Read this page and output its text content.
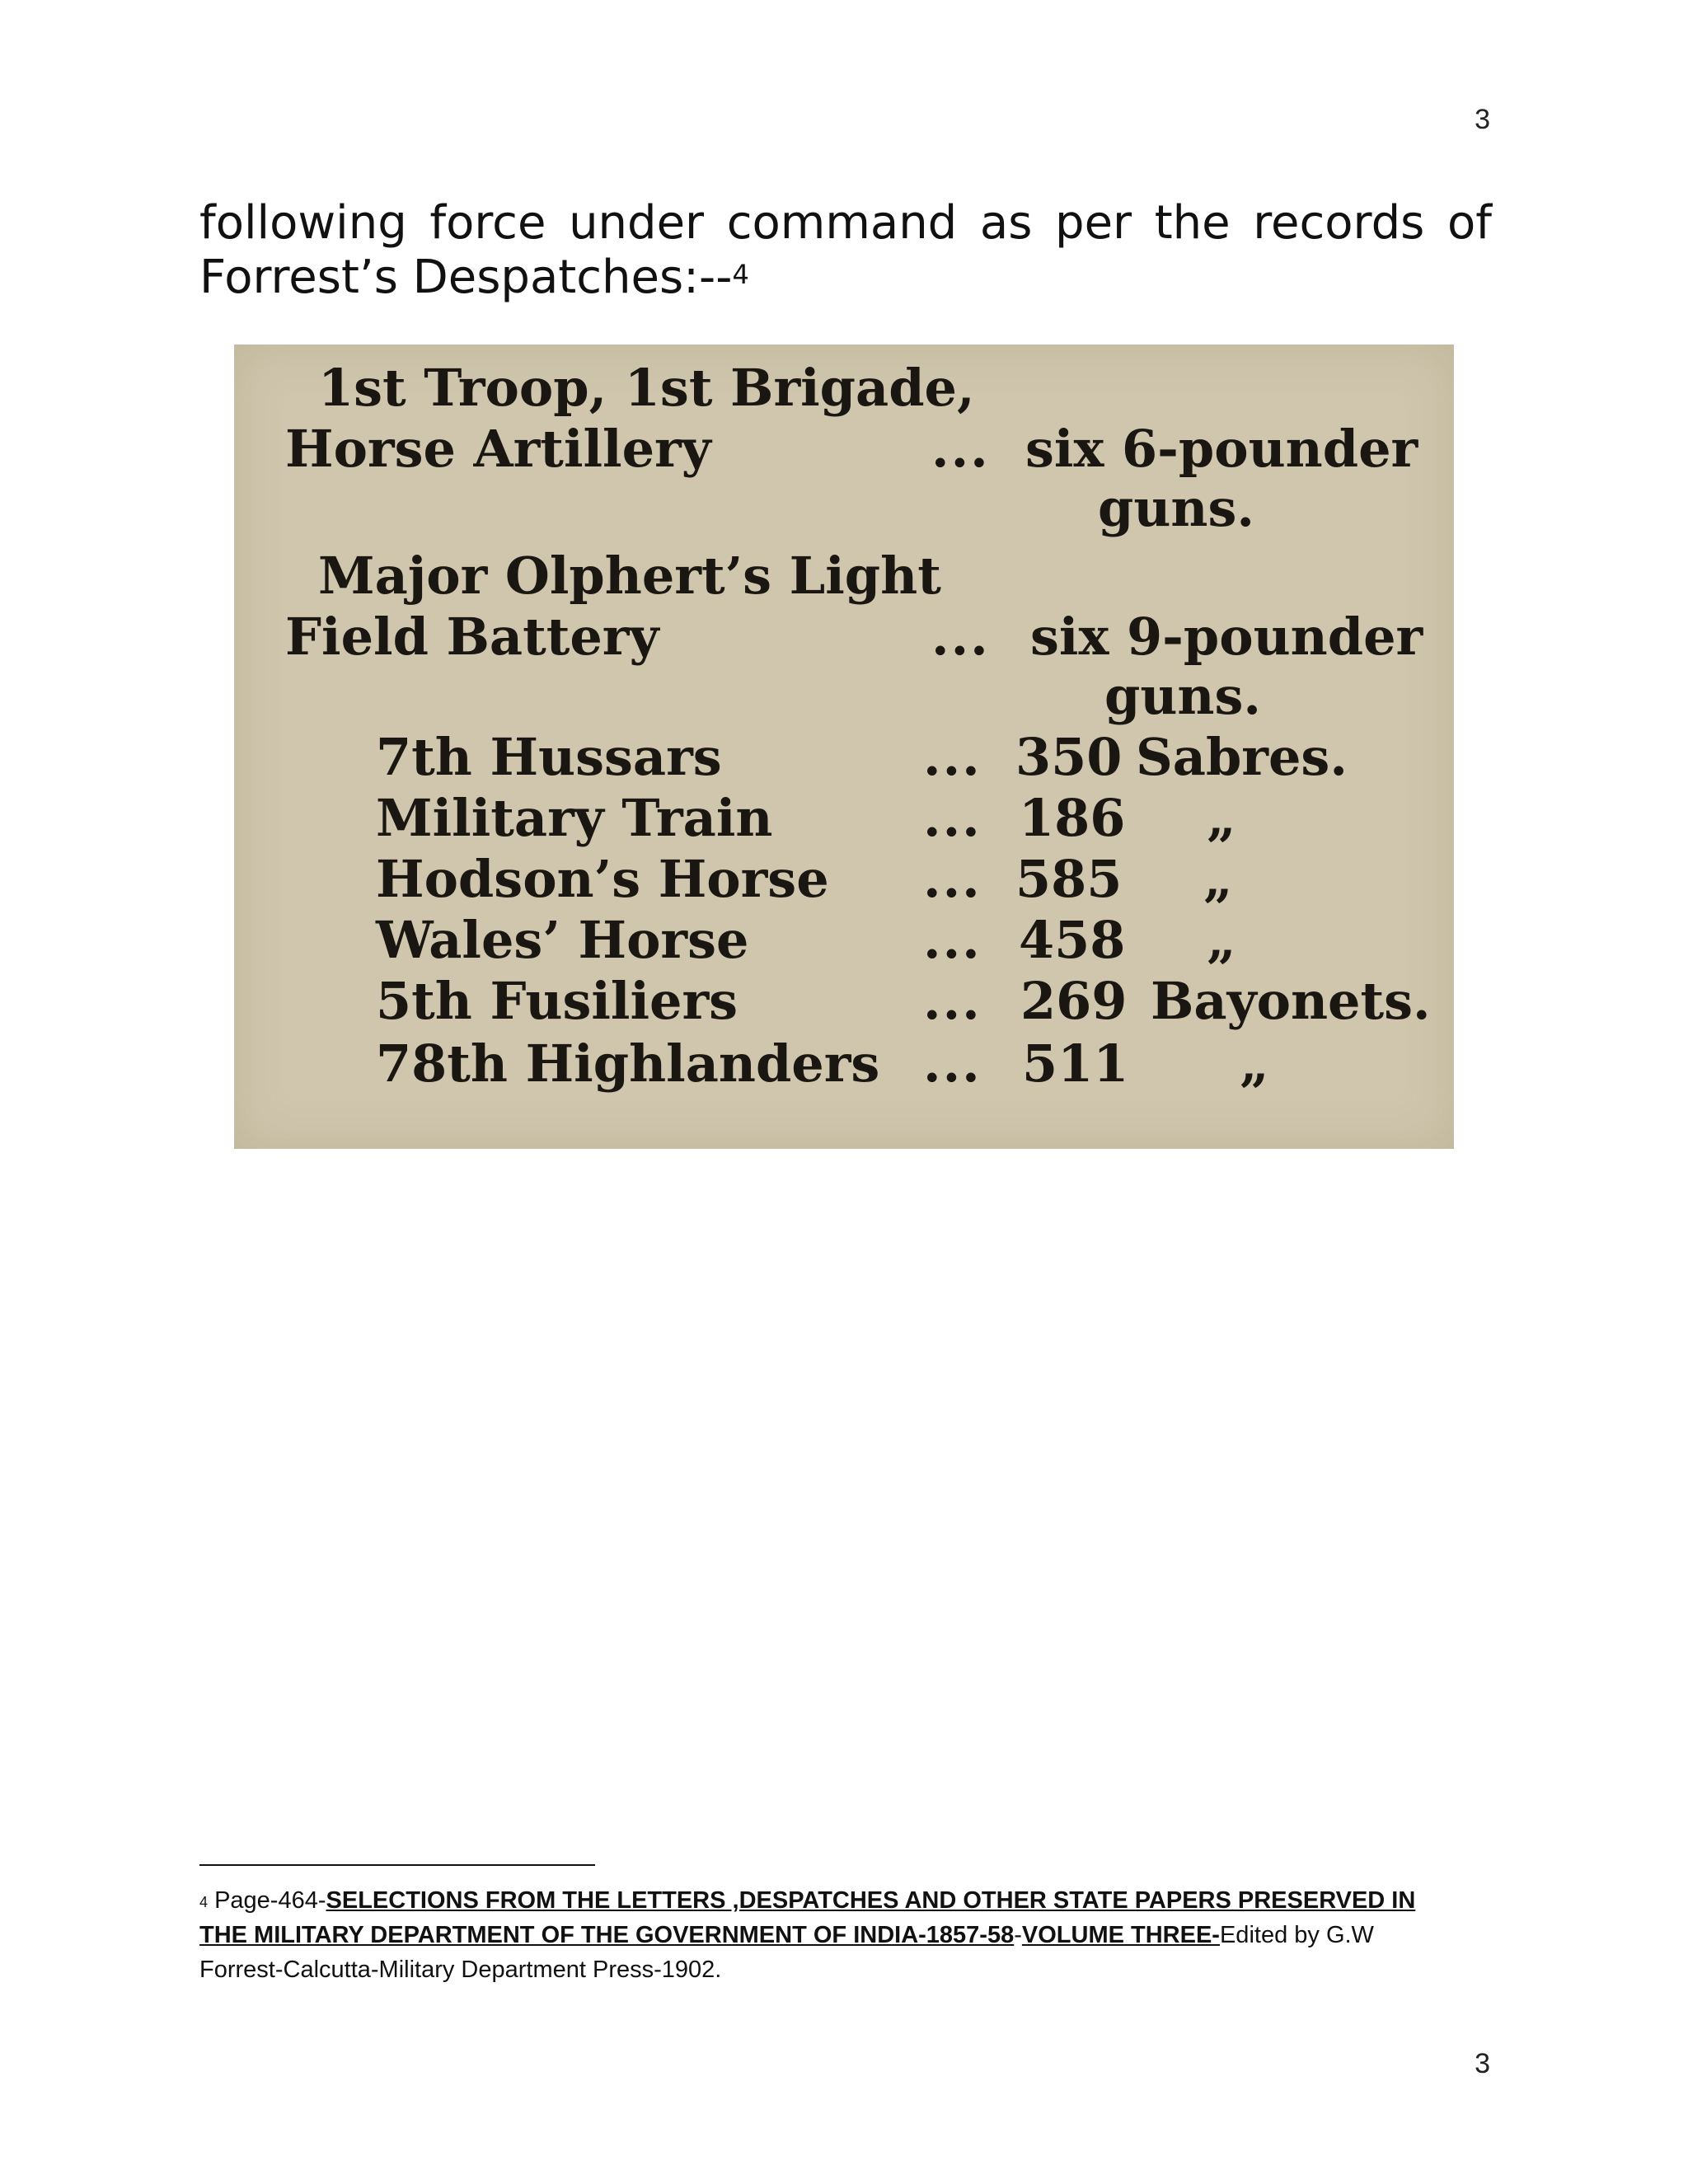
3
following force under command as per the records of
Forrest’s Despatches:--$^4$
1st Troop, 1st Brigade,
Horse Artillery	... six 6-pounder
guns.
Major Olphert’s Light
Field Battery	... six 9-pounder
guns.
7th Hussars	... 350 Sabres.
Military Train	... 186 „
Hodson’s Horse ... 585 „
Wales’ Horse	... 458 „
5th Fusiliers	... 269 Bayonets.
78th Highlanders ... 511 „
$^4$ Page-464-SELECTIONS FROM THE LETTERS ,DESPATCHES AND OTHER STATE PAPERS PRESERVED IN THE MILITARY DEPARTMENT OF THE GOVERNMENT OF INDIA-1857-58-VOLUME THREE-Edited by G.W Forrest-Calcutta-Military Department Press-1902.
3
